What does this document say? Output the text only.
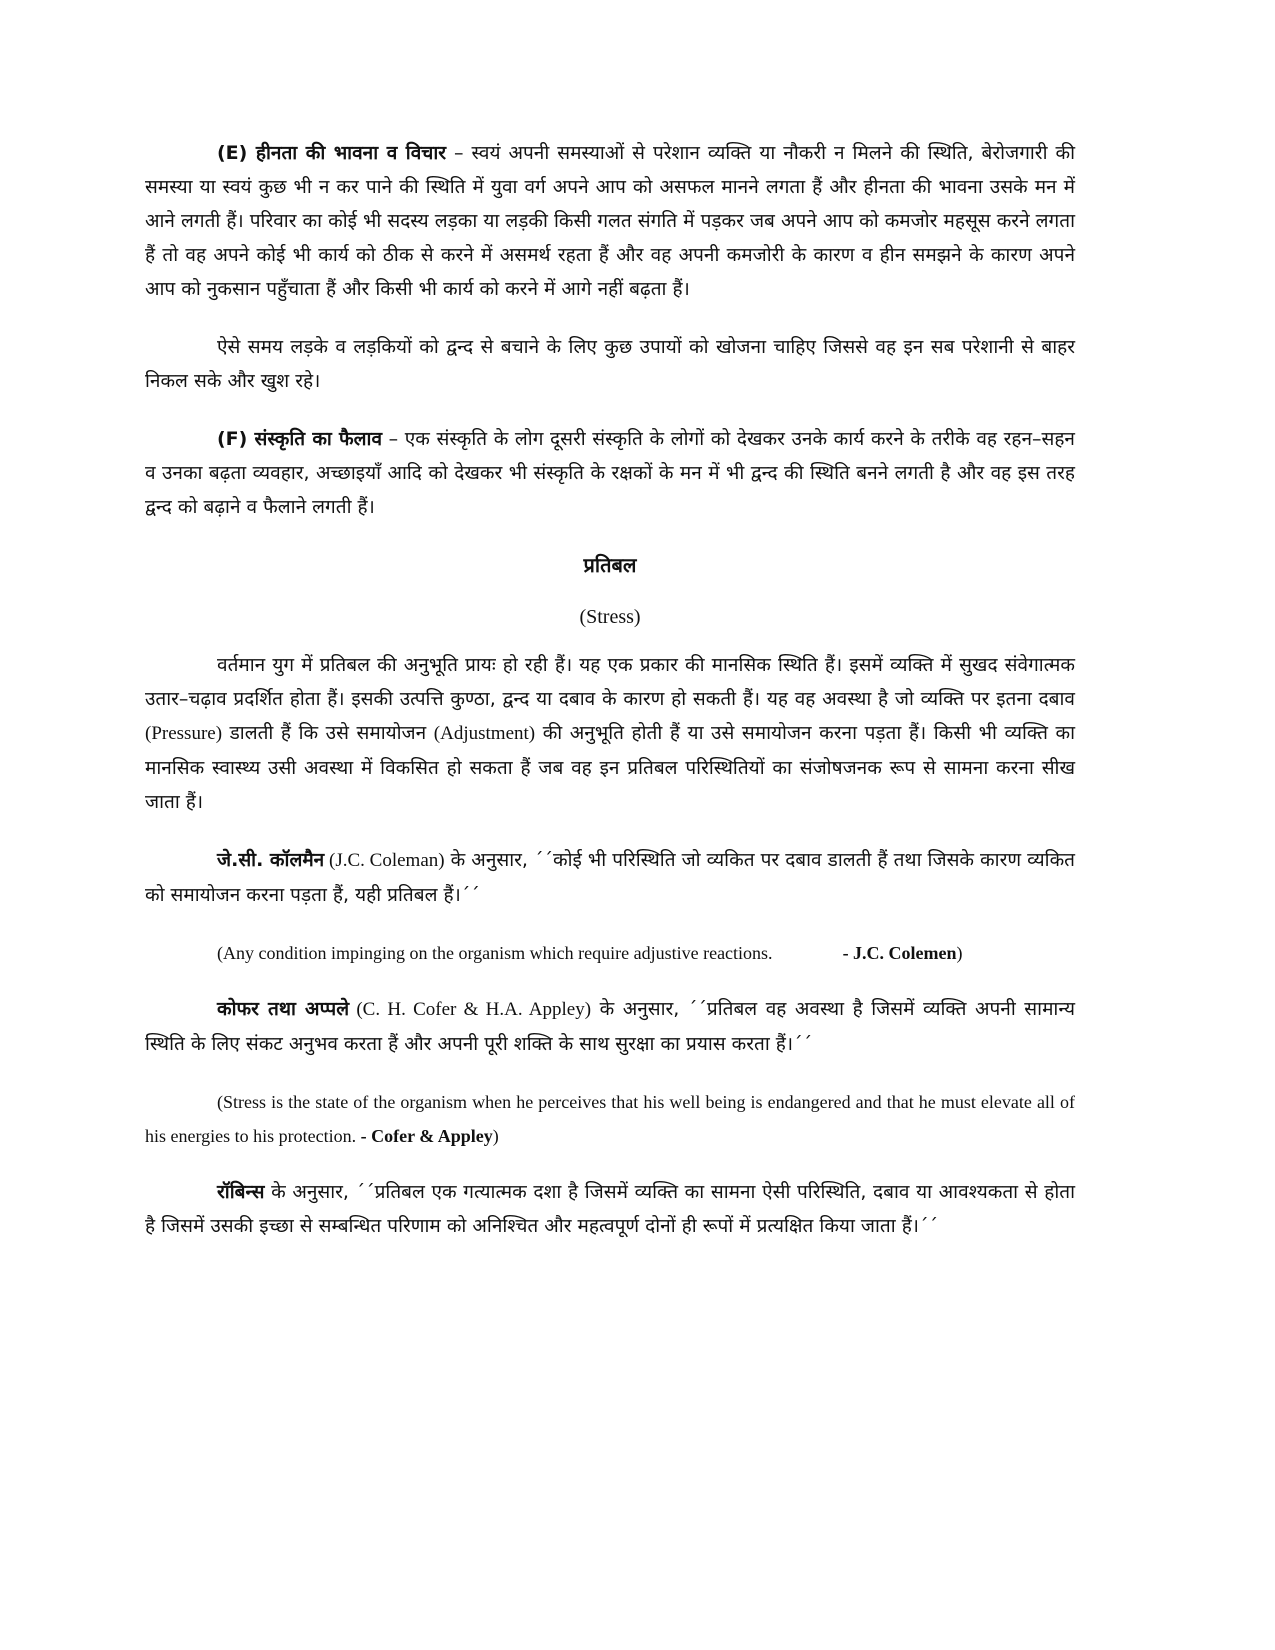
(E) हीनता की भावना व विचार – स्वयं अपनी समस्याओं से परेशान व्यक्ति या नौकरी न मिलने की स्थिति, बेरोजगारी की समस्या या स्वयं कुछ भी न कर पाने की स्थिति में युवा वर्ग अपने आप को असफल मानने लगता हैं और हीनता की भावना उसके मन में आने लगती हैं। परिवार का कोई भी सदस्य लड़का या लड़की किसी गलत संगति में पड़कर जब अपने आप को कमजोर महसूस करने लगता हैं तो वह अपने कोई भी कार्य को ठीक से करने में असमर्थ रहता हैं और वह अपनी कमजोरी के कारण व हीन समझने के कारण अपने आप को नुकसान पहुँचाता हैं और किसी भी कार्य को करने में आगे नहीं बढ़ता हैं।

ऐसे समय लड़के व लड़कियों को द्वन्द से बचाने के लिए कुछ उपायों को खोजना चाहिए जिससे वह इन सब परेशानी से बाहर निकल सके और खुश रहे।

(F) संस्कृति का फैलाव – एक संस्कृति के लोग दूसरी संस्कृति के लोगों को देखकर उनके कार्य करने के तरीके वह रहन–सहन व उनका बढ़ता व्यवहार, अच्छाइयाँ आदि को देखकर भी संस्कृति के रक्षकों के मन में भी द्वन्द की स्थिति बनने लगती है और वह इस तरह द्वन्द को बढ़ाने व फैलाने लगती हैं।

प्रतिबल
(Stress)

वर्तमान युग में प्रतिबल की अनुभूति प्रायः हो रही हैं। यह एक प्रकार की मानसिक स्थिति हैं। इसमें व्यक्ति में सुखद संवेगात्मक उतार–चढ़ाव प्रदर्शित होता हैं। इसकी उत्पत्ति कुण्ठा, द्वन्द या दबाव के कारण हो सकती हैं। यह वह अवस्था है जो व्यक्ति पर इतना दबाव (Pressure) डालती हैं कि उसे समायोजन (Adjustment) की अनुभूति होती हैं या उसे समायोजन करना पड़ता हैं। किसी भी व्यक्ति का मानसिक स्वास्थ्य उसी अवस्था में विकसित हो सकता हैं जब वह इन प्रतिबल परिस्थितियों का संजोषजनक रूप से सामना करना सीख जाता हैं।

जे.सी. कॉलमैन (J.C. Coleman) के अनुसार, ´´कोई भी परिस्थिति जो व्यकित पर दबाव डालती हैं तथा जिसके कारण व्यकित को समायोजन करना पड़ता हैं, यही प्रतिबल हैं।´´

(Any condition impinging on the organism which require adjustive reactions.	- J.C. Colemen)

कोफर तथा अप्पले (C. H. Cofer & H.A. Appley) के अनुसार, ´´प्रतिबल वह अवस्था है जिसमें व्यक्ति अपनी सामान्य स्थिति के लिए संकट अनुभव करता हैं और अपनी पूरी शक्ति के साथ सुरक्षा का प्रयास करता हैं।´´

(Stress is the state of the organism when he perceives that his well being is endangered and that he must elevate all of his energies to his protection. - Cofer & Appley)

रॉबिन्स के अनुसार, ´´प्रतिबल एक गत्यात्मक दशा है जिसमें व्यक्ति का सामना ऐसी परिस्थिति, दबाव या आवश्यकता से होता है जिसमें उसकी इच्छा से सम्बन्धित परिणाम को अनिश्चित और महत्वपूर्ण दोनों ही रूपों में प्रत्यक्षित किया जाता हैं।´´
